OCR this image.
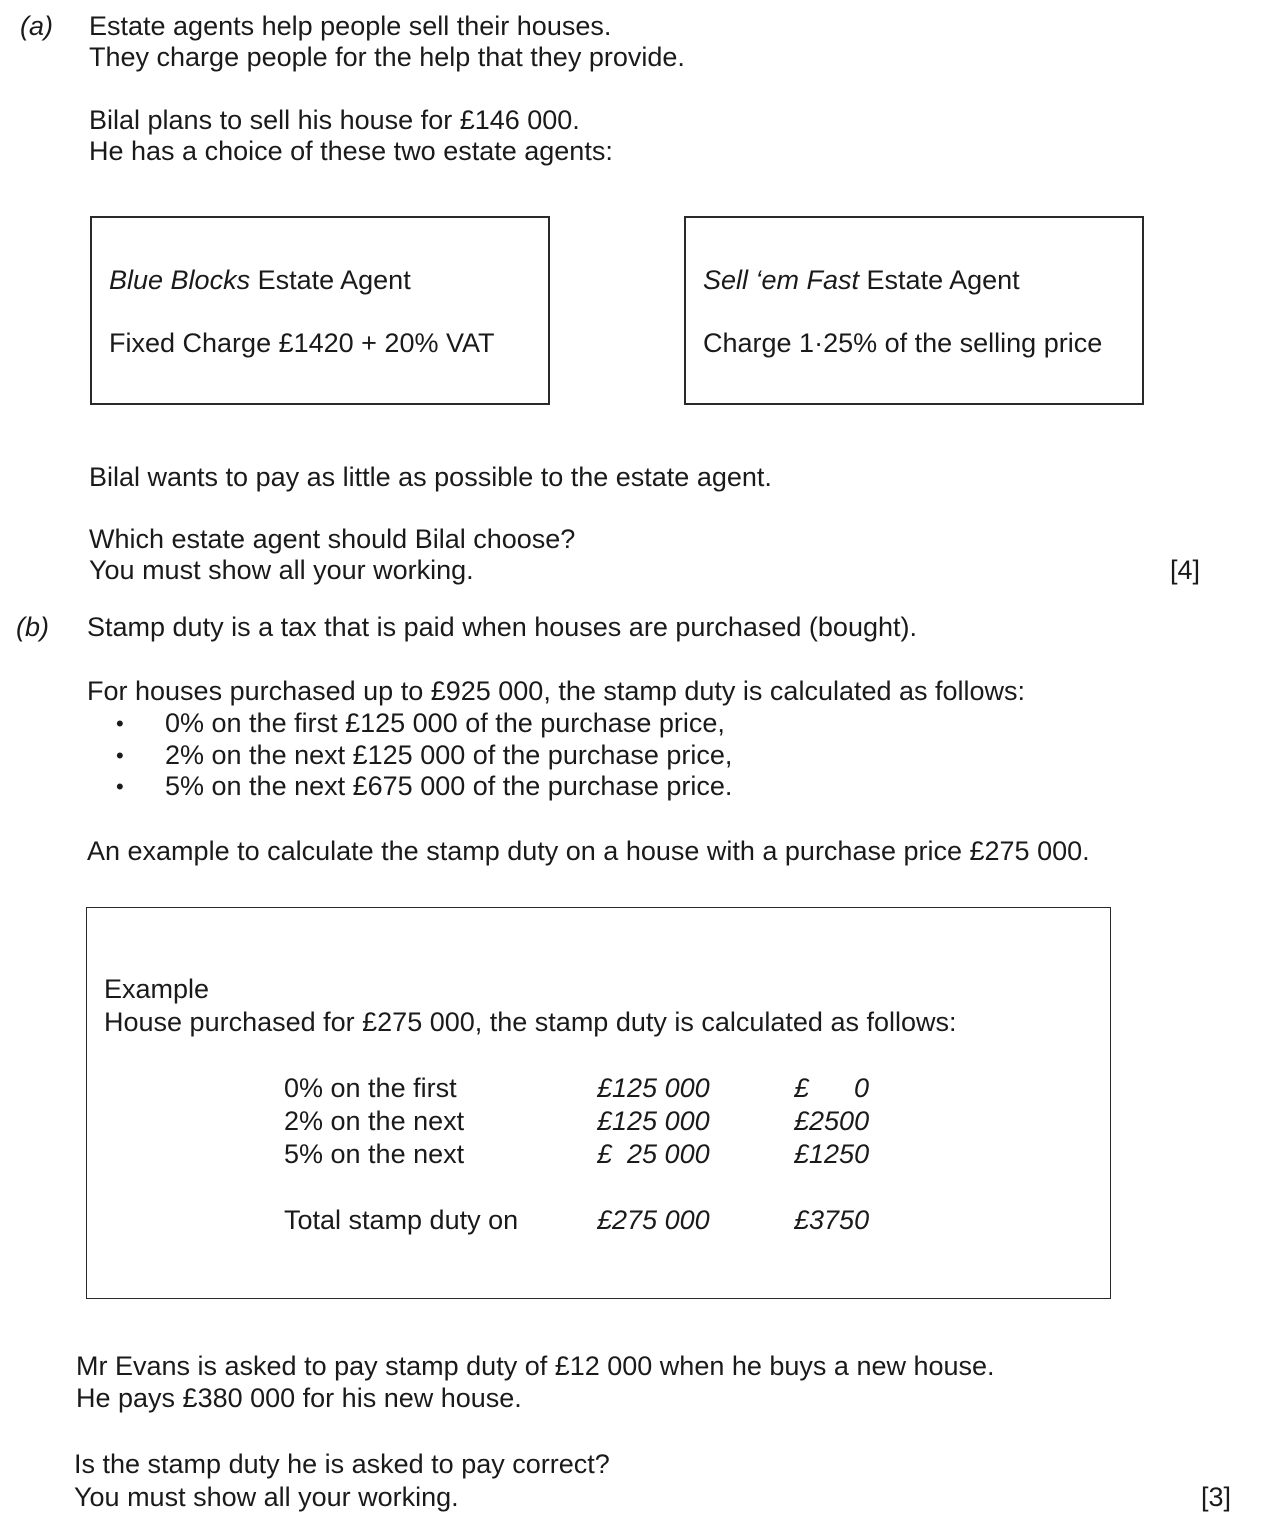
(a) Estate agents help people sell their houses.
They charge people for the help that they provide.
Bilal plans to sell his house for £146 000.
He has a choice of these two estate agents:
Blue Blocks Estate Agent
Fixed Charge £1420 + 20% VAT
Sell ‘em Fast Estate Agent
Charge 1·25% of the selling price
Bilal wants to pay as little as possible to the estate agent.
Which estate agent should Bilal choose?
You must show all your working.	[4]
(b) Stamp duty is a tax that is paid when houses are purchased (bought).
For houses purchased up to £925 000, the stamp duty is calculated as follows:
• 0% on the first £125 000 of the purchase price,
• 2% on the next £125 000 of the purchase price,
• 5% on the next £675 000 of the purchase price.
An example to calculate the stamp duty on a house with a purchase price £275 000.
Example
House purchased for £275 000, the stamp duty is calculated as follows:
0% on the first	£125 000	£      0
2% on the next	£125 000	£2500
5% on the next	£  25 000	£1250
Total stamp duty on	£275 000	£3750
Mr Evans is asked to pay stamp duty of £12 000 when he buys a new house.
He pays £380 000 for his new house.
Is the stamp duty he is asked to pay correct?
You must show all your working.	[3]
